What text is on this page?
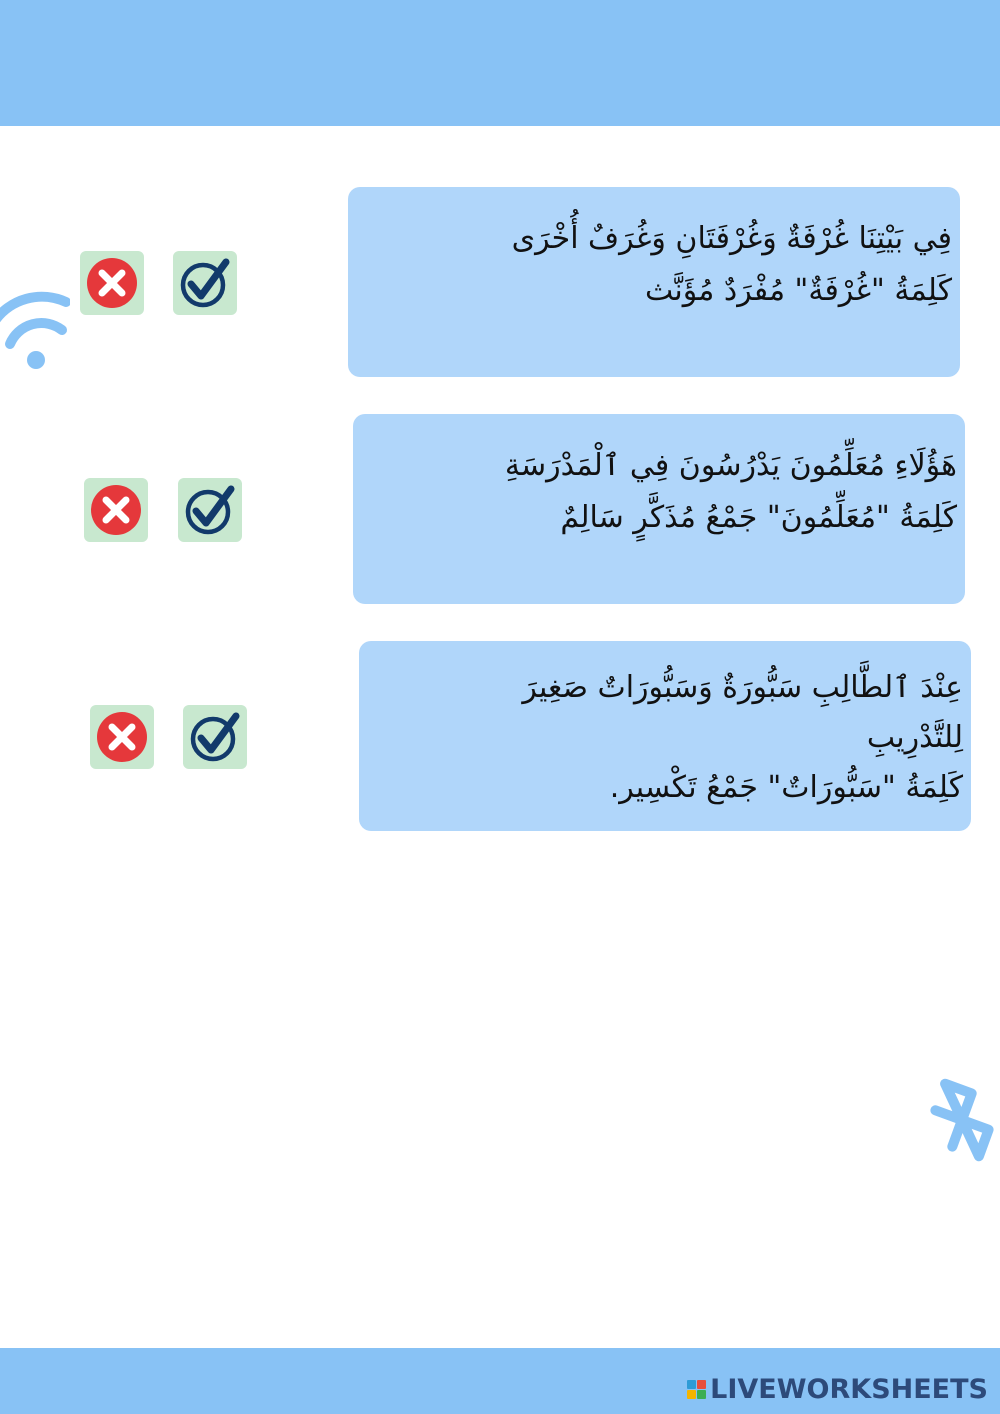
فِي بَيْتِنَا غُرْفَةٌ وَغُرْفَتَانِ وَغُرَفٌ أُخْرَى
كَلِمَةُ "غُرْفَةٌ" مُفْرَدٌ مُؤَنَّث
هَؤُلَاءِ مُعَلِّمُونَ يَدْرُسُونَ فِي ٱلْمَدْرَسَةِ
كَلِمَةُ "مُعَلِّمُونَ" جَمْعُ مُذَكَّرٍ سَالِمٌ
عِنْدَ ٱلطَّالِبِ سَبُّورَةٌ وَسَبُّورَاتٌ صَغِيرَ
لِلتَّدْرِيبِ
كَلِمَةُ "سَبُّورَاتٌ" جَمْعُ تَكْسِير.
LIVEWORKSHEETS
